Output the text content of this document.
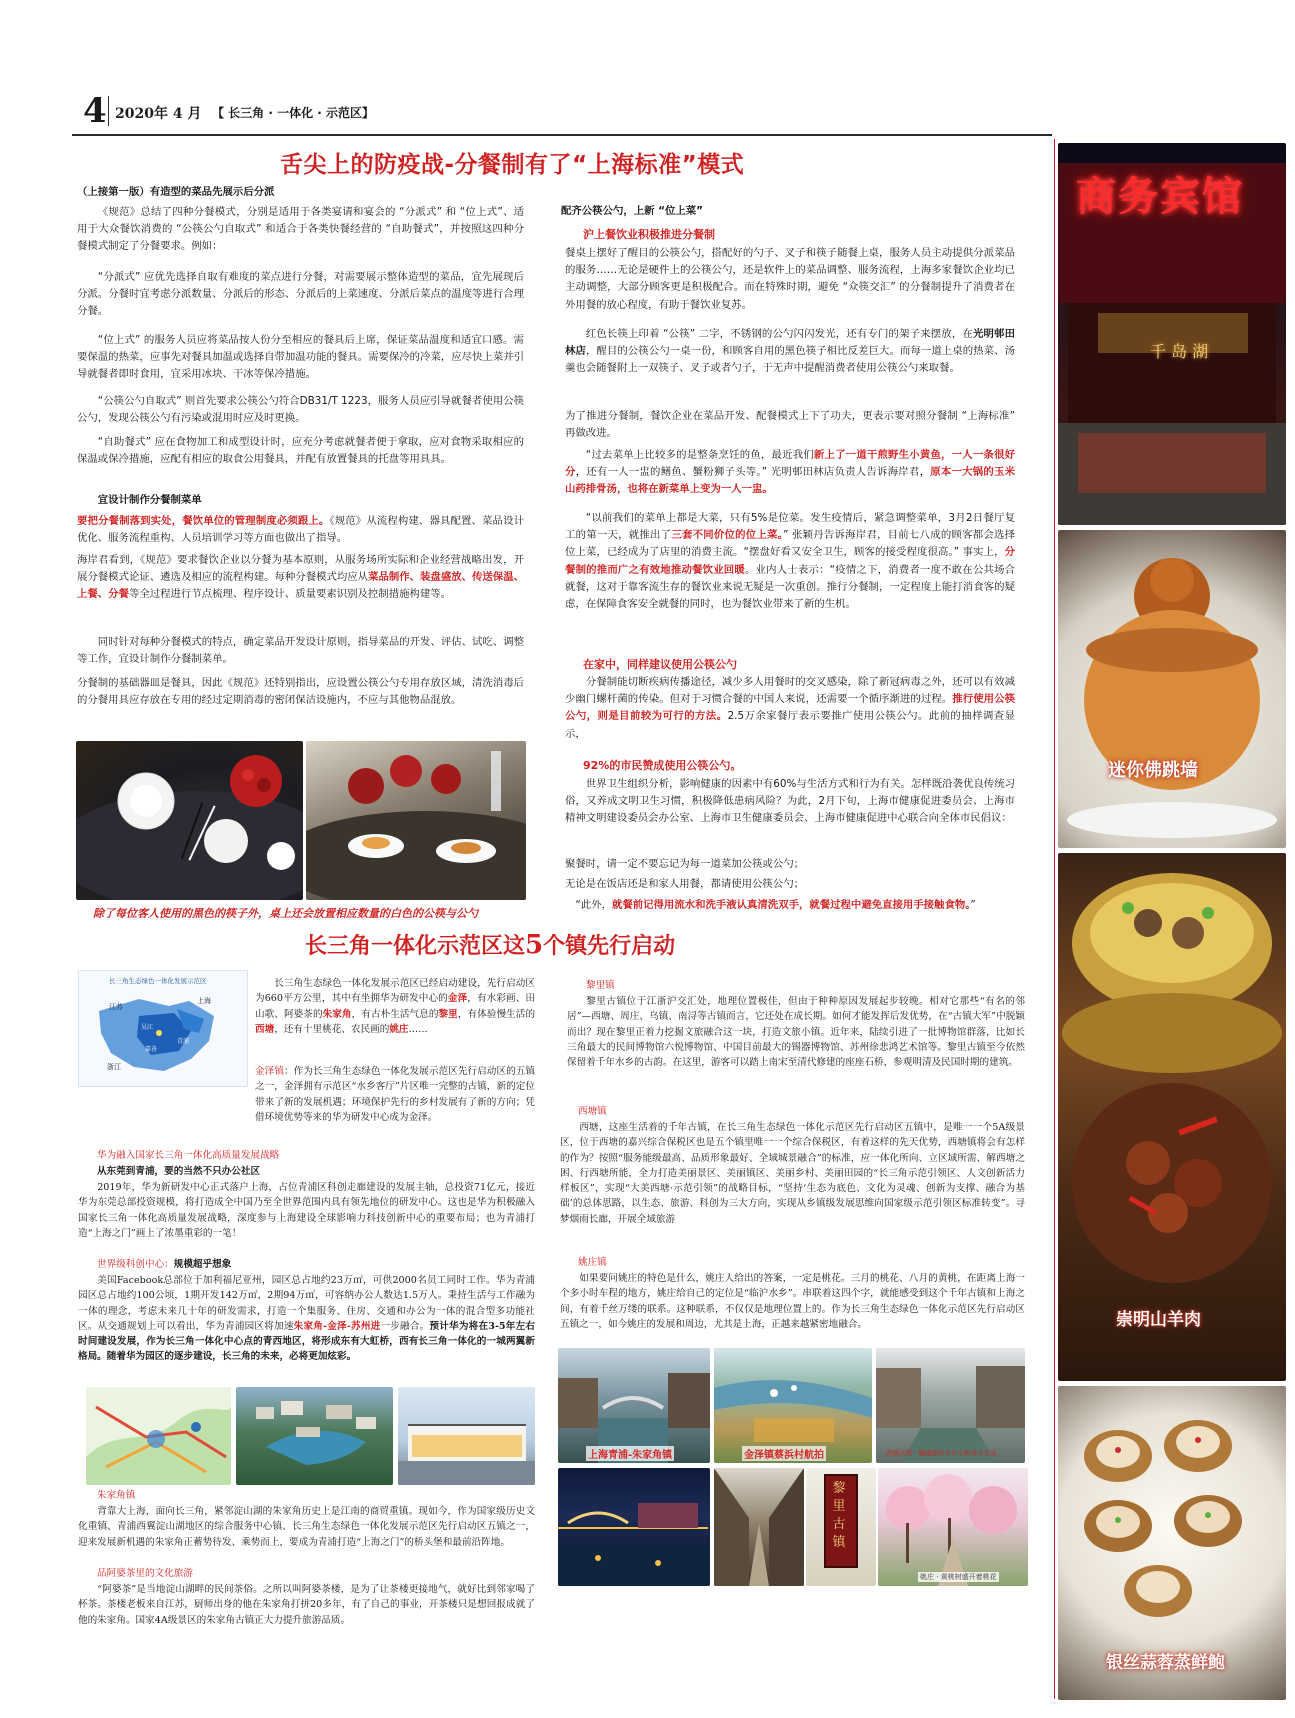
4 2020年 4 月 【 长三角 · 一体化 · 示范区】
舌尖上的防疫战-分餐制有了“上海标准”模式

（上接第一版）有造型的菜品先展示后分派

《规范》总结了四种分餐模式，分别是适用于各类宴请和宴会的 “分派式” 和 “位上式”、适用于大众餐饮消费的 “公筷公勺自取式” 和适合于各类快餐经营的 “自助餐式”，并按照这四种分餐模式制定了分餐要求。例如：

“分派式” 应优先选择自取有难度的菜点进行分餐，对需要展示整体造型的菜品，宜先展现后分派。分餐时宜考虑分派数量、分派后的形态、分派后的上菜速度、分派后菜点的温度等进行合理分餐。

“位上式” 的服务人员应将菜品按人份分至相应的餐具后上席，保证菜品温度和适宜口感。需要保温的热菜，应事先对餐具加温或选择自带加温功能的餐具。需要保冷的冷菜，应尽快上菜并引导就餐者即时食用，宜采用冰块、干冰等保冷措施。

“公筷公勺自取式” 则首先要求公筷公勺符合DB31/T 1223，服务人员应引导就餐者使用公筷公勺，发现公筷公勺有污染或混用时应及时更换。

“自助餐式” 应在食物加工和成型设计时，应充分考虑就餐者便于拿取，应对食物采取相应的保温或保冷措施，应配有相应的取食公用餐具，并配有放置餐具的托盘等用具具。

宜设计制作分餐制菜单

要把分餐制落到实处，餐饮单位的管理制度必须跟上。《规范》从流程构建、器具配置、菜品设计优化、服务流程重构、人员培训学习等方面也做出了指导。

海岸君看到，《规范》要求餐饮企业以分餐为基本原则，从服务场所实际和企业经营战略出发，开展分餐模式论证、遴选及相应的流程构建。每种分餐模式均应从菜品制作、装盘盛放、传送保温、上餐、分餐等全过程进行节点梳理、程序设计、质量要素识别及控制措施构建等。

同时针对每种分餐模式的特点，确定菜品开发设计原则，指导菜品的开发、评估、试吃、调整等工作，宜设计制作分餐制菜单。

分餐制的基础器皿是餐具，因此《规范》还特别指出，应设置公筷公勺专用存放区域，清洗消毒后的分餐用具应存放在专用的经过定期消毒的密闭保洁设施内，不应与其他物品混放。

除了每位客人使用的黑色的筷子外，桌上还会放置相应数量的白色的公筷与公勺

配齐公筷公勺，上新 “位上菜”

沪上餐饮业积极推进分餐制

餐桌上摆好了醒目的公筷公勺，搭配好的勺子、叉子和筷子随餐上桌，服务人员主动提供分派菜品的服务……无论是硬件上的公筷公勺，还是软件上的菜品调整、服务流程，上海多家餐饮企业均已主动调整，大部分顾客更是积极配合。而在特殊时期，避免 “众筷交汇” 的分餐制提升了消费者在外用餐的放心程度，有助于餐饮业复苏。

红色长筷上印着 “公筷” 二字，不锈钢的公勺闪闪发光，还有专门的架子来摆放，在光明邨田林店，醒目的公筷公勺一桌一份，和顾客自用的黑色筷子相比反差巨大。而每一道上桌的热菜、汤羹也会随餐附上一双筷子、叉子或者勺子，于无声中提醒消费者使用公筷公勺来取餐。

为了推进分餐制，餐饮企业在菜品开发、配餐模式上下了功夫，更表示要对照分餐制 “上海标准” 再做改进。

“过去菜单上比较多的是整条烹饪的鱼，最近我们新上了一道干煎野生小黄鱼，一人一条很好分，还有一人一盅的鳝鱼、蟹粉狮子头等。” 光明邨田林店负责人告诉海岸君，原本一大锅的玉米山药排骨汤，也将在新菜单上变为一人一盅。

“以前我们的菜单上都是大菜，只有5%是位菜。发生疫情后，紧急调整菜单，3月2日餐厅复工的第一天，就推出了三套不同价位的位上菜。” 张颖丹告诉海岸君，目前七八成的顾客都会选择位上菜，已经成为了店里的消费主流。“摆盘好看又安全卫生，顾客的接受程度很高。” 事实上，分餐制的推而广之有效地推动餐饮业回暖。业内人士表示：“疫情之下，消费者一度不敢在公共场合就餐，这对于靠客流生存的餐饮业来说无疑是一次重创。推行分餐制，一定程度上能打消食客的疑虑，在保障食客安全就餐的同时，也为餐饮业带来了新的生机。

在家中，同样建议使用公筷公勺

分餐制能切断疾病传播途径，减少多人用餐时的交叉感染，除了新冠病毒之外，还可以有效减少幽门螺杆菌的传染。但对于习惯合餐的中国人来说，还需要一个循序渐进的过程。推行使用公筷公勺，则是目前较为可行的方法。2.5万余家餐厅表示要推广使用公筷公勺。此前的抽样调查显示，

92%的市民赞成使用公筷公勺。

世界卫生组织分析，影响健康的因素中有60%与生活方式和行为有关。怎样既沿袭优良传统习俗，又养成文明卫生习惯，积极降低患病风险？为此，2月下旬，上海市健康促进委员会、上海市精神文明建设委员会办公室、上海市卫生健康委员会、上海市健康促进中心联合向全体市民倡议：

聚餐时，请一定不要忘记为每一道菜加公筷或公勺；

无论是在饭店还是和家人用餐，都请使用公筷公勺；

“此外，就餐前记得用流水和洗手液认真清洗双手，就餐过程中避免直接用手接触食物。”

长三角一体化示范区这5个镇先行启动
长三角生态绿色一体化发展示范区
上海
浙江
江苏
青浦
吴江
嘉善

长三角生态绿色一体化发展示范区已经启动建设，先行启动区为660平方公里，其中有坐拥华为研发中心的金泽，有水彩画、田山歌、阿婆茶的朱家角，有古朴生活气息的黎里，有体验慢生活的西塘，还有十里桃花、农民画的姚庄……

金泽镇：作为长三角生态绿色一体化发展示范区先行启动区的五镇之一，金泽拥有示范区“水乡客厅”片区唯一完整的古镇，新的定位带来了新的发展机遇；环境保护先行的乡村发展有了新的方向；凭借环境优势等来的华为研发中心成为金泽。

华为融入国家长三角一体化高质量发展战略

从东莞到青浦，要的当然不只办公社区

2019年，华为新研发中心正式落户上海，占位青浦区科创走廊建设的发展主轴，总投资71亿元，接近华为东莞总部投资规模，将打造成全中国乃至全世界范围内具有领先地位的研发中心。这也是华为积极融入国家长三角一体化高质量发展战略，深度参与上海建设全球影响力科技创新中心的重要布局；也为青浦打造“上海之门”画上了浓墨重彩的一笔！

世界级科创中心：规模超乎想象

美国Facebook总部位于加利福尼亚州，园区总占地约23万㎡，可供2000名员工同时工作。华为青浦园区总占地约100公顷，1期开发142万㎡，2期94万㎡，可容纳办公人数达1.5万人。秉持生活与工作融为一体的理念，考虑未来几十年的研发需求，打造一个集服务、住房、交通和办公为一体的混合型多功能社区。从交通规划上可以看出，华为青浦园区将加速朱家角-金泽-苏州进一步融合。预计华为将在3-5年左右时间建设发展，作为长三角一体化中心点的青西地区，将形成东有大虹桥，西有长三角一体化的一城两翼新格局。随着华为园区的逐步建设，长三角的未来，必将更加炫彩。

朱家角镇

背靠大上海，面向长三角，紧邻淀山湖的朱家角历史上是江南的商贸重镇。现如今，作为国家级历史文化重镇、青浦西翼淀山湖地区的综合服务中心镇、长三角生态绿色一体化发展示范区先行启动区五镇之一，迎来发展新机遇的朱家角正蓄势待发、乘势而上，要成为青浦打造“上海之门”的桥头堡和最前沿阵地。

品阿婆茶里的文化旅游

“阿婆茶”是当地淀山湖畔的民间茶俗。之所以叫阿婆茶楼，是为了让茶楼更接地气，就好比到邻家喝了杯茶。茶楼老板来自江苏，厨师出身的他在朱家角打拼20多年，有了自己的事业，开茶楼只是想回报成就了他的朱家角。国家4A级景区的朱家角古镇正大力提升旅游品质。

黎里镇

黎里古镇位于江浙沪交汇处，地理位置极佳，但由于种种原因发展起步较晚。相对它那些“有名的邻居”—西塘、周庄、乌镇、南浔等古镇而言，它还处在成长期。如何才能发挥后发优势，在“古镇大军”中脱颖而出？现在黎里正着力挖掘文旅融合这一块，打造文旅小镇。近年来，陆续引进了一批博物馆群落，比如长三角最大的民间博物馆六悦博物馆、中国目前最大的锡器博物馆、苏州徐悲鸿艺术馆等。黎里古镇至今依然保留着千年水乡的古韵。在这里，游客可以踏上南宋至清代修建的座座石桥，参观明清及民国时期的建筑。

西塘镇

西塘，这座生活着的千年古镇，在长三角生态绿色一体化示范区先行启动区五镇中，是唯一一个5A级景区，位于西塘的嘉兴综合保税区也是五个镇里唯一一个综合保税区，有着这样的先天优势，西塘镇将会有怎样的作为？按照“服务能级最高、品质形象最好、全域城景融合”的标准，应一体化所向、立区域所需、解西塘之困、行西塘所能，全力打造美丽景区、美丽镇区、美丽乡村、美丽田园的“长三角示范引领区、人文创新活力样板区”，实现“大美西塘·示范引领”的战略目标，“坚持‘生态为底色、文化为灵魂、创新为支撑、融合为基础’的总体思路，以生态、旅游、科创为三大方向，实现从乡镇级发展思维向国家级示范引领区标准转变”。寻梦烟雨长廊，开展全域旅游

姚庄镇

如果要问姚庄的特色是什么，姚庄人给出的答案，一定是桃花。三月的桃花、八月的黄桃，在距离上海一个多小时车程的地方，姚庄给自己的定位是“临沪水乡”。串联着这四个字，就能感受到这个千年古镇和上海之间，有着千丝万缕的联系。这种联系，不仅仅是地理位置上的。作为长三角生态绿色一体化示范区先行启动区五镇之一，如今姚庄的发展和周边，尤其是上海，正越来越紧密地融合。

上海青浦-朱家角镇	金泽镇蔡浜村航拍	西塘古镇一撇幽静的水乡小桥流水美景
黎里古镇
姚庄 · 黄桃树盛开着桃花
商务宾馆
千 岛 湖
迷你佛跳墙
崇明山羊肉
银丝蒜蓉蒸鲜鲍
